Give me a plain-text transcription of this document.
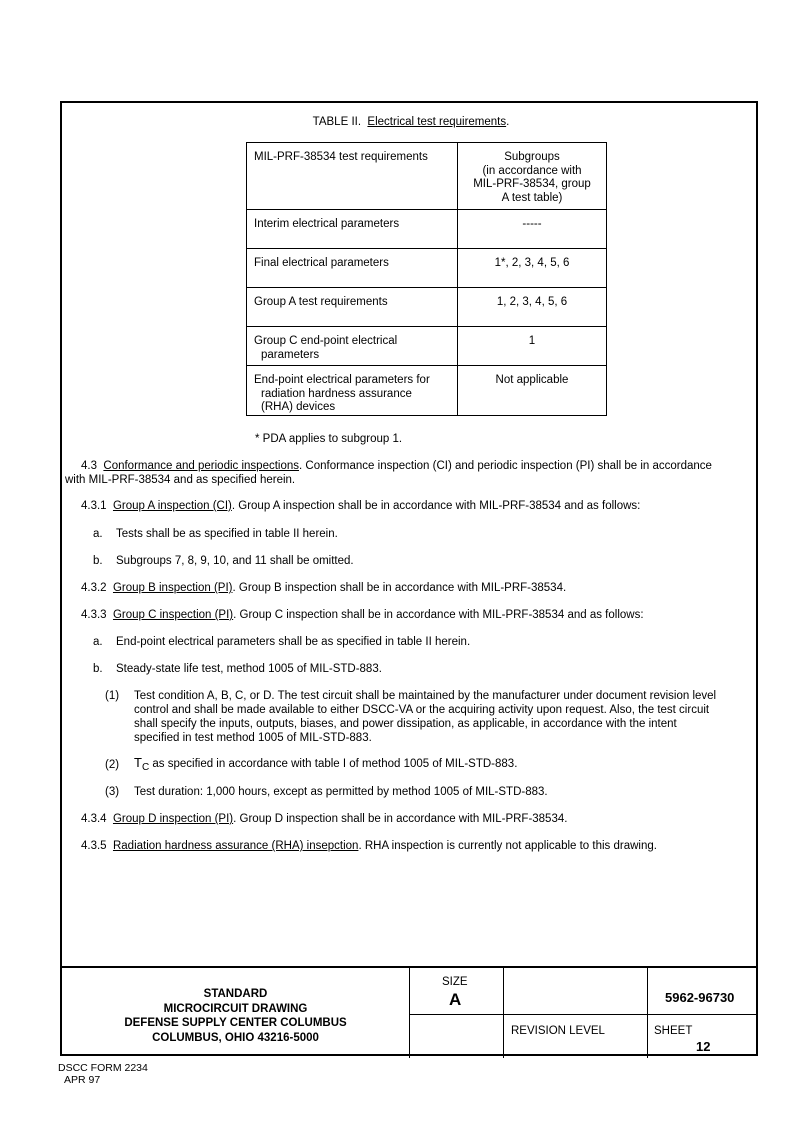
TABLE II. Electrical test requirements.
MIL-PRF-38534 test requirements	Subgroups
(in accordance with
MIL-PRF-38534, group
A test table)
Interim electrical parameters	-----
Final electrical parameters	1*, 2, 3, 4, 5, 6
Group A test requirements	1, 2, 3, 4, 5, 6
Group C end-point electrical
parameters	1
End-point electrical parameters for
radiation hardness assurance
(RHA) devices	Not applicable
* PDA applies to subgroup 1.
4.3 Conformance and periodic inspections. Conformance inspection (CI) and periodic inspection (PI) shall be in accordance
with MIL-PRF-38534 and as specified herein.
4.3.1 Group A inspection (CI). Group A inspection shall be in accordance with MIL-PRF-38534 and as follows:
a. Tests shall be as specified in table II herein.
b. Subgroups 7, 8, 9, 10, and 11 shall be omitted.
4.3.2 Group B inspection (PI). Group B inspection shall be in accordance with MIL-PRF-38534.
4.3.3 Group C inspection (PI). Group C inspection shall be in accordance with MIL-PRF-38534 and as follows:
a. End-point electrical parameters shall be as specified in table II herein.
b. Steady-state life test, method 1005 of MIL-STD-883.
(1) Test condition A, B, C, or D. The test circuit shall be maintained by the manufacturer under document revision level
control and shall be made available to either DSCC-VA or the acquiring activity upon request. Also, the test circuit
shall specify the inputs, outputs, biases, and power dissipation, as applicable, in accordance with the intent
specified in test method 1005 of MIL-STD-883.
(2) TC as specified in accordance with table I of method 1005 of MIL-STD-883.
(3) Test duration: 1,000 hours, except as permitted by method 1005 of MIL-STD-883.
4.3.4 Group D inspection (PI). Group D inspection shall be in accordance with MIL-PRF-38534.
4.3.5 Radiation hardness assurance (RHA) insepction. RHA inspection is currently not applicable to this drawing.
STANDARD
MICROCIRCUIT DRAWING
DEFENSE SUPPLY CENTER COLUMBUS
COLUMBUS, OHIO 43216-5000
SIZE
A	5962-96730
REVISION LEVEL	SHEET
12
DSCC FORM 2234
APR 97
